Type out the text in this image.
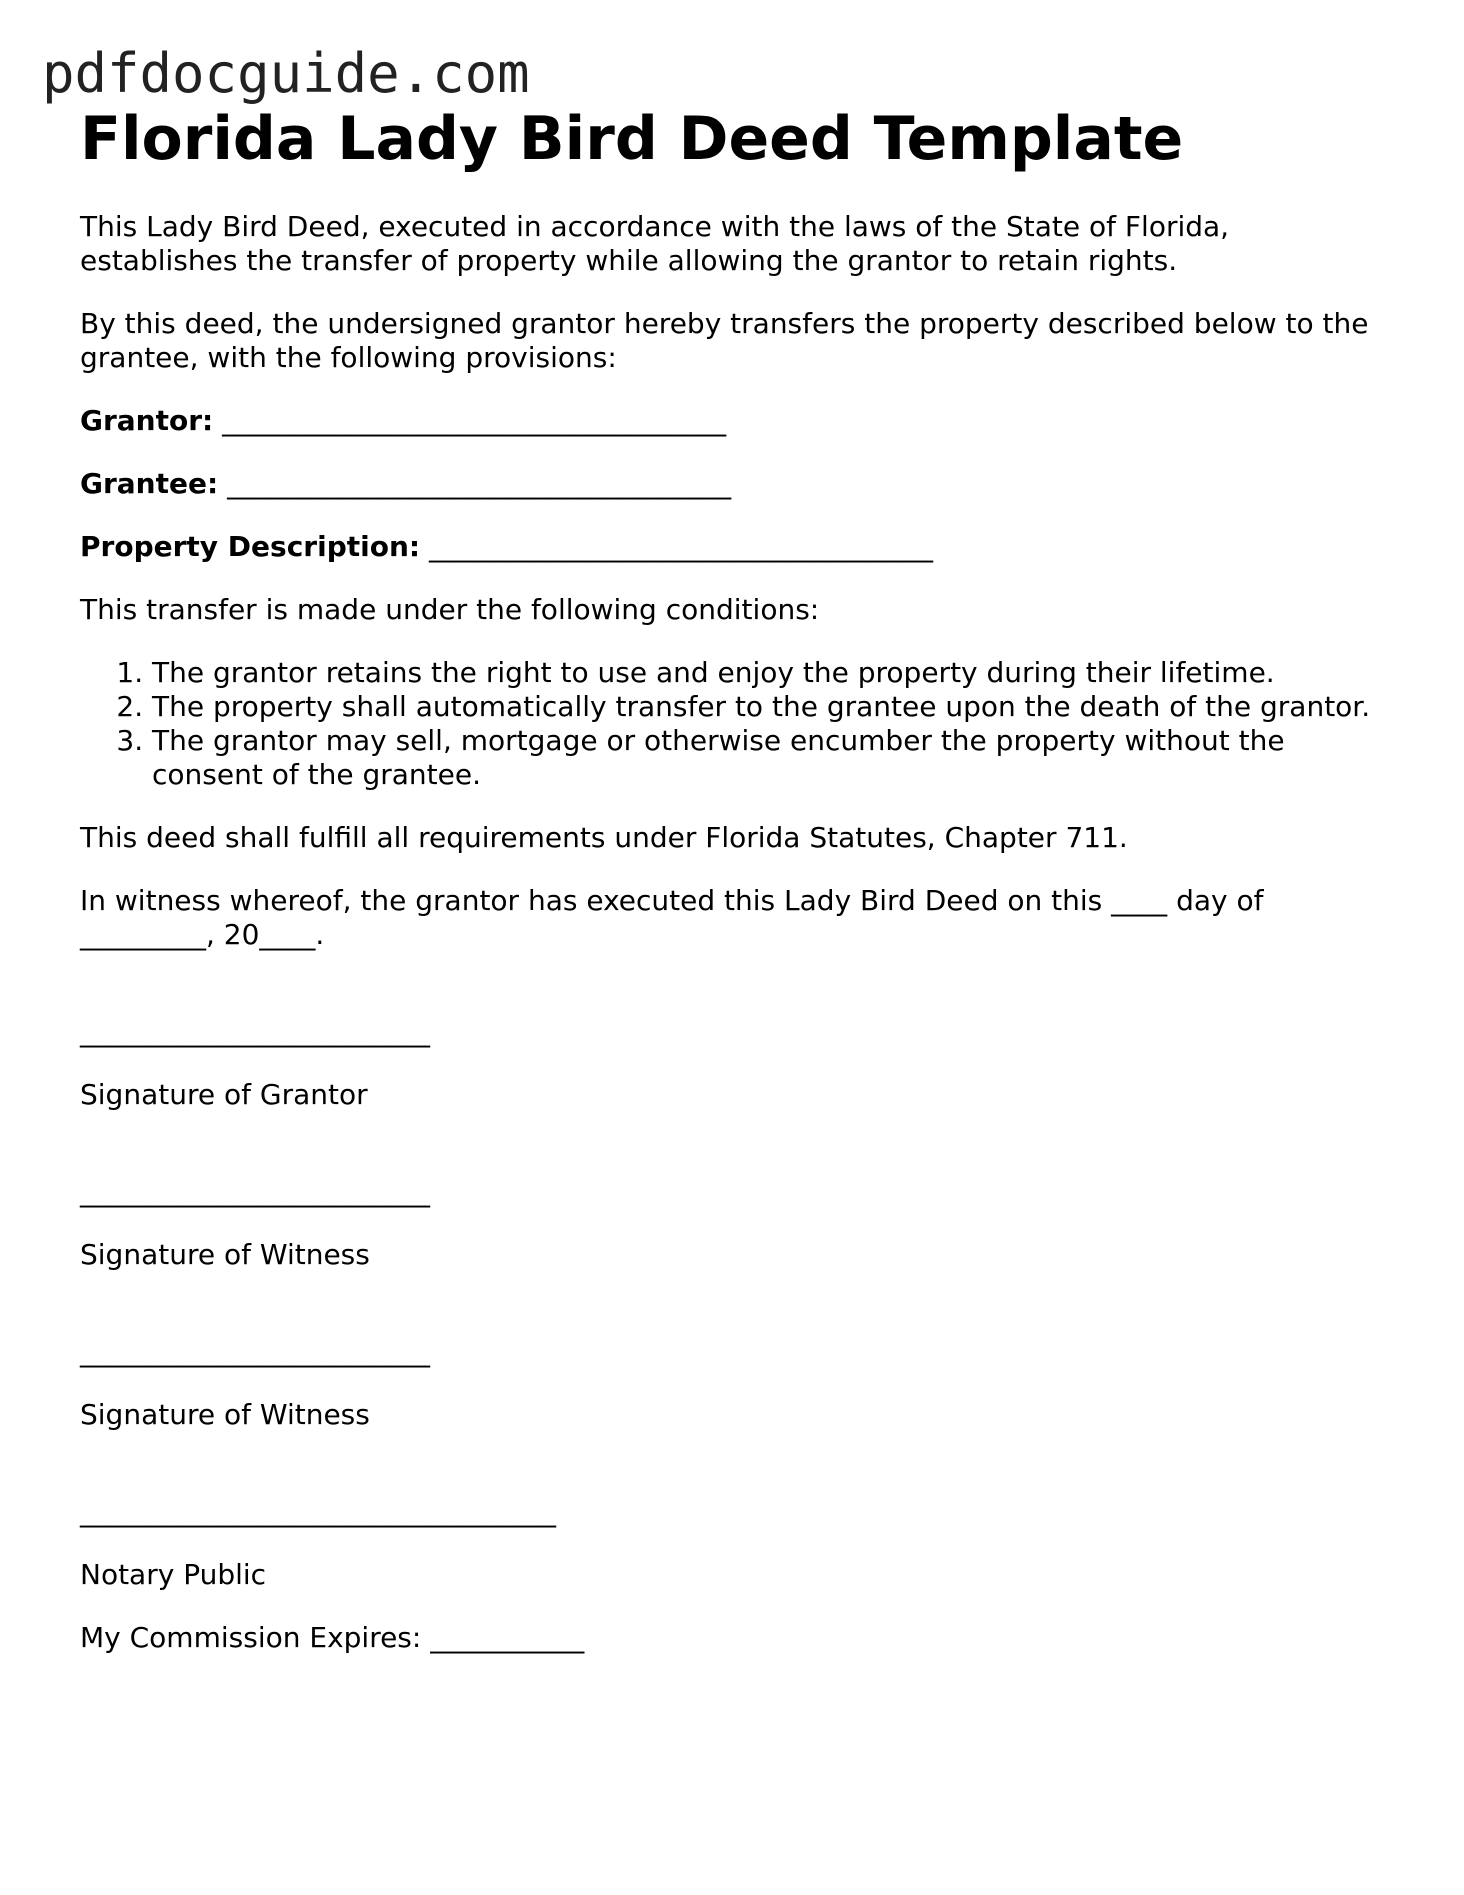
pdfdocguide.com
Florida Lady Bird Deed Template

This Lady Bird Deed, executed in accordance with the laws of the State of Florida, establishes the transfer of property while allowing the grantor to retain rights.

By this deed, the undersigned grantor hereby transfers the property described below to the grantee, with the following provisions:

Grantor: ____________________________________

Grantee: ____________________________________

Property Description: ____________________________________

This transfer is made under the following conditions:

1. The grantor retains the right to use and enjoy the property during their lifetime.
2. The property shall automatically transfer to the grantee upon the death of the grantor.
3. The grantor may sell, mortgage or otherwise encumber the property without the consent of the grantee.

This deed shall fulfill all requirements under Florida Statutes, Chapter 711.

In witness whereof, the grantor has executed this Lady Bird Deed on this ____ day of _________, 20____.

_________________________

Signature of Grantor

_________________________

Signature of Witness

_________________________

Signature of Witness

__________________________________

Notary Public

My Commission Expires: ___________
